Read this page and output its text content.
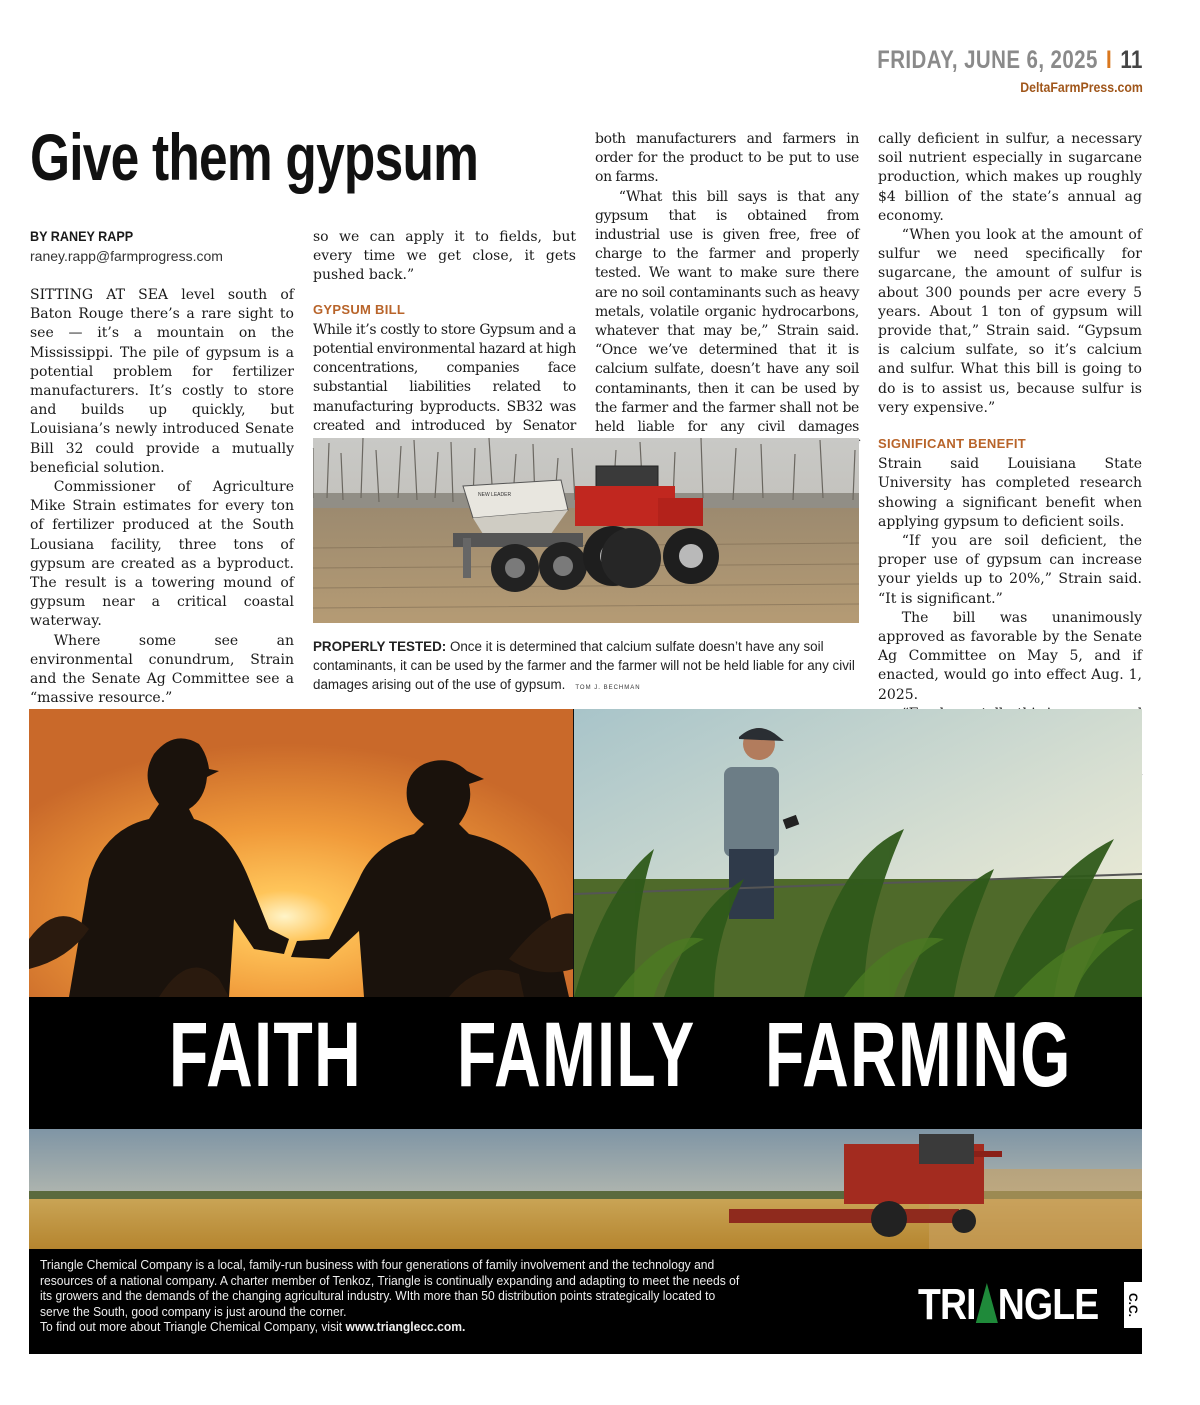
FRIDAY, JUNE 6, 2025 I 11
DeltaFarmPress.com
Give them gypsum
BY RANEY RAPP
raney.rapp@farmprogress.com

SITTING AT SEA level south of Baton Rouge there’s a rare sight to see — it’s a mountain on the Mississippi. The pile of gypsum is a potential problem for fertilizer manufacturers. It’s costly to store and builds up quickly, but Louisiana’s newly introduced Senate Bill 32 could provide a mutually beneficial solution.

Commissioner of Agriculture Mike Strain estimates for every ton of fertilizer produced at the South Lousiana facility, three tons of gypsum are created as a byproduct. The result is a towering mound of gypsum near a critical coastal waterway.

Where some see an environmental conundrum, Strain and the Senate Ag Committee see a “massive resource.”

so we can apply it to fields, but every time we get close, it gets pushed back.”

GYPSUM BILL

While it’s costly to store Gypsum and a potential environmental hazard at high concentrations, companies face substantial liabilities related to manufacturing byproducts. SB32 was created and introduced by Senator

both manufacturers and farmers in order for the product to be put to use on farms.

“What this bill says is that any gypsum that is obtained from industrial use is given free, free of charge to the farmer and properly tested. We want to make sure there are no soil contaminants such as heavy metals, volatile organic hydrocarbons, whatever that may be,” Strain said. “Once we’ve determined that it is calcium sulfate, doesn’t have any soil contaminants, then it can be used by the farmer and the farmer shall not be held liable for any civil damages

cally deficient in sulfur, a necessary soil nutrient especially in sugarcane production, which makes up roughly $4 billion of the state’s annual ag economy.

“When you look at the amount of sulfur we need specifically for sugarcane, the amount of sulfur is about 300 pounds per acre every 5 years. About 1 ton of gypsum will provide that,” Strain said. “Gypsum is calcium sulfate, so it’s calcium and sulfur. What this bill is going to do is to assist us, because sulfur is very expensive.”

SIGNIFICANT BENEFIT

Strain said Louisiana State University has completed research showing a significant benefit when applying gypsum to deficient soils.

“If you are soil deficient, the proper use of gypsum can increase your yields up to 20%,” Strain said. “It is significant.”

The bill was unanimously approved as favorable by the Senate Ag Committee on May 5, and if enacted, would go into effect Aug. 1, 2025.

NEW LEADER
PROPERLY TESTED: Once it is determined that calcium sulfate doesn’t have any soil contaminants, it can be used by the farmer and the farmer will not be held liable for any civil damages arising out of the use of gypsum. TOM J. BECHMAN
FAITH FAMILY FARMING
Triangle Chemical Company is a local, family-run business with four generations of family involvement and the technology and resources of a national company. A charter member of Tenkoz, Triangle is continually expanding and adapting to meet the needs of its growers and the demands of the changing agricultural industry. WIth more than 50 distribution points strategically located to serve the South, good company is just around the corner.
To find out more about Triangle Chemical Company, visit www.trianglecc.com.	TRI NGLE C.C.
